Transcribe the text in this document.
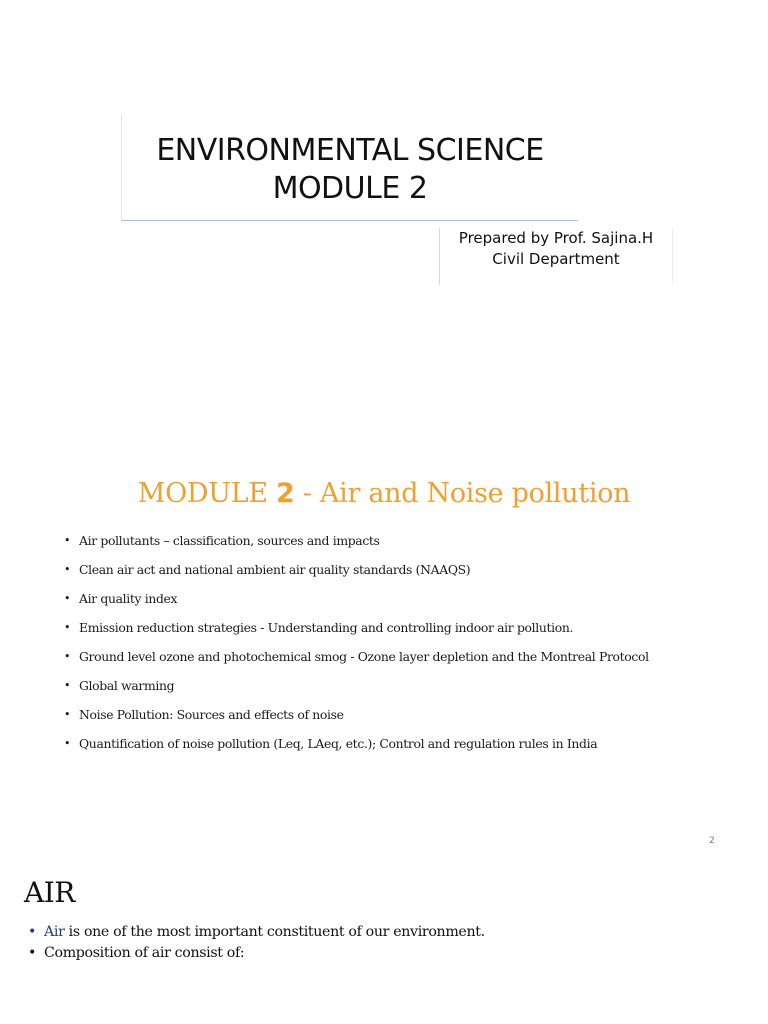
ENVIRONMENTAL SCIENCE
MODULE 2
Prepared by Prof. Sajina.H
Civil Department
MODULE 2 - Air and Noise pollution
• Air pollutants – classification, sources and impacts
• Clean air act and national ambient air quality standards (NAAQS)
• Air quality index
• Emission reduction strategies - Understanding and controlling indoor air pollution.
• Ground level ozone and photochemical smog - Ozone layer depletion and the Montreal Protocol
• Global warming
• Noise Pollution: Sources and effects of noise
• Quantification of noise pollution (Leq, LAeq, etc.); Control and regulation rules in India
2
AIR
• Air is one of the most important constituent of our environment.
• Composition of air consist of:
